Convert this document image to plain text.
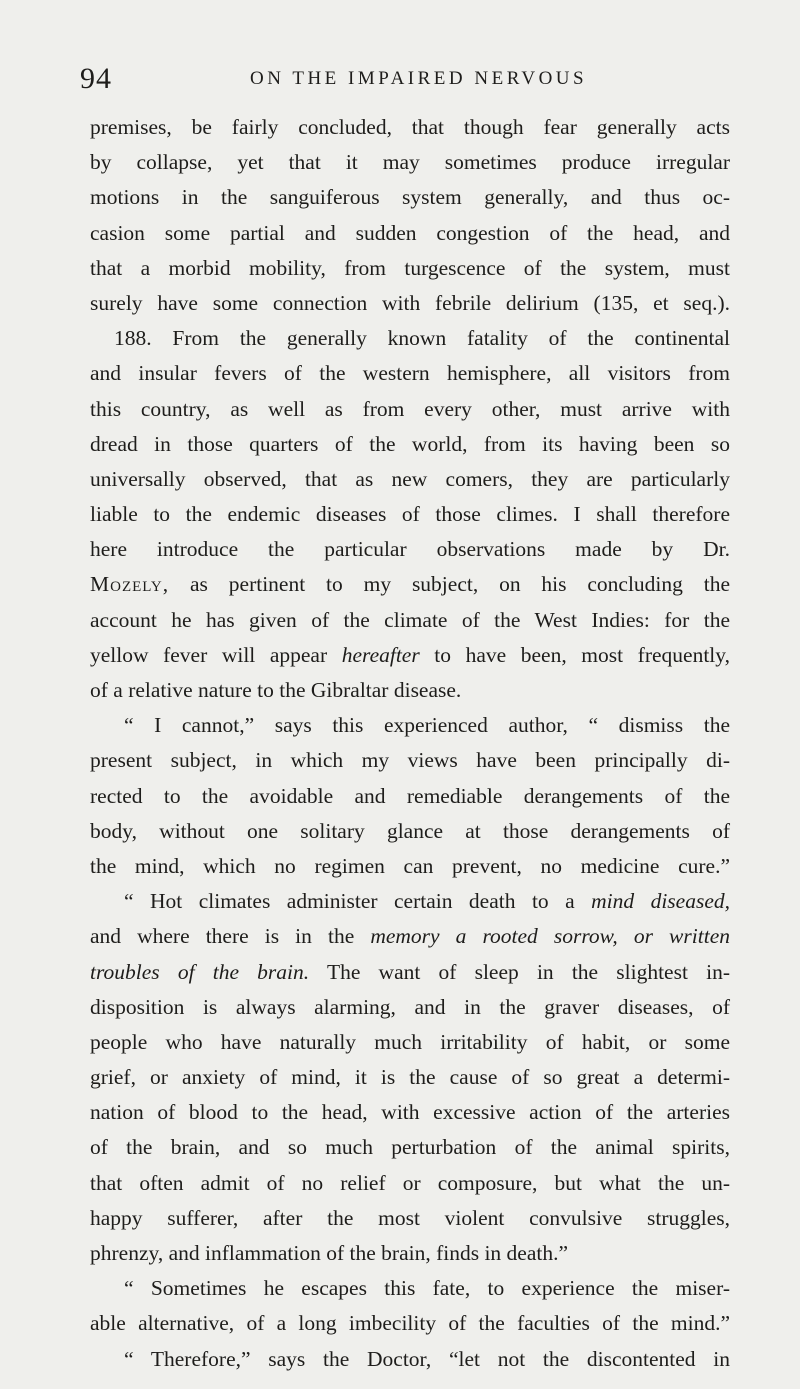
94	ON THE IMPAIRED NERVOUS
premises, be fairly concluded, that though fear generally acts
by collapse, yet that it may sometimes produce irregular
motions in the sanguiferous system generally, and thus oc-
casion some partial and sudden congestion of the head, and
that a morbid mobility, from turgescence of the system, must
surely have some connection with febrile delirium (135, et seq.).
188. From the generally known fatality of the continental
and insular fevers of the western hemisphere, all visitors from
this country, as well as from every other, must arrive with
dread in those quarters of the world, from its having been so
universally observed, that as new comers, they are particularly
liable to the endemic diseases of those climes. I shall therefore
here introduce the particular observations made by Dr.
Mozely, as pertinent to my subject, on his concluding the
account he has given of the climate of the West Indies: for the
yellow fever will appear hereafter to have been, most frequently,
of a relative nature to the Gibraltar disease.
“ I cannot,” says this experienced author, “ dismiss the
present subject, in which my views have been principally di-
rected to the avoidable and remediable derangements of the
body, without one solitary glance at those derangements of
the mind, which no regimen can prevent, no medicine cure.”
“ Hot climates administer certain death to a mind diseased,
and where there is in the memory a rooted sorrow, or written
troubles of the brain. The want of sleep in the slightest in-
disposition is always alarming, and in the graver diseases, of
people who have naturally much irritability of habit, or some
grief, or anxiety of mind, it is the cause of so great a determi-
nation of blood to the head, with excessive action of the arteries
of the brain, and so much perturbation of the animal spirits,
that often admit of no relief or composure, but what the un-
happy sufferer, after the most violent convulsive struggles,
phrenzy, and inflammation of the brain, finds in death.”
“ Sometimes he escapes this fate, to experience the miser-
able alternative, of a long imbecility of the faculties of the mind.”
“ Therefore,” says the Doctor, “let not the discontented in
